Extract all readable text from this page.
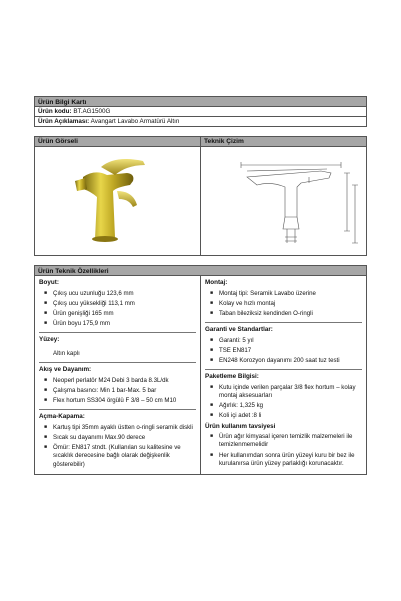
Ürün Bilgi Kartı
Ürün kodu: BT.AG1500G
Ürün Açıklaması: Avangart Lavabo Armatürü Altın
Ürün Görseli	Teknik Çizim
Ürün Teknik Özellikleri
Boyut:
■ Çıkış ucu uzunluğu 123,6 mm
■ Çıkış ucu yüksekliği 113,1 mm
■ Ürün genişliği 165 mm
■ Ürün boyu 175,9 mm
Yüzey:
Altın kaplı
Akış ve Dayanım:
■ Neoperl perlatör M24 Debi 3 barda 8.3L/dk
■ Çalışma basıncı: Min 1 bar-Max. 5 bar
■ Flex hortum SS304 örgülü F 3/8 – 50 cm M10
Açma-Kapama:
■ Kartuş tipi 35mm ayaklı üstten o-ringli seramik diskli
■ Sıcak su dayanımı Max.90 derece
■ Ömür: EN817 stndt. (Kullanılan su kalitesine ve sıcaklık derecesine bağlı olarak değişkenlik gösterebilir)
Montaj:
■ Montaj tipi: Seramik Lavabo üzerine
■ Kolay ve hızlı montaj
■ Taban bileziksiz kendinden O-ringli
Garanti ve Standartlar:
■ Garanti: 5 yıl
■ TSE EN817
■ EN248 Korozyon dayanımı 200 saat tuz testi
Paketleme Bilgisi:
■ Kutu içinde verilen parçalar 3/8 flex hortum – kolay montaj aksesuarları
■ Ağırlık: 1,325 kg
■ Koli içi adet :8 li
Ürün kullanım tavsiyesi
■ Ürün ağır kimyasal içeren temizlik malzemeleri ile temizlenmemelidir
■ Her kullanımdan sonra ürün yüzeyi kuru bir bez ile kurulanırsa ürün yüzey parlaklığı korunacaktır.
